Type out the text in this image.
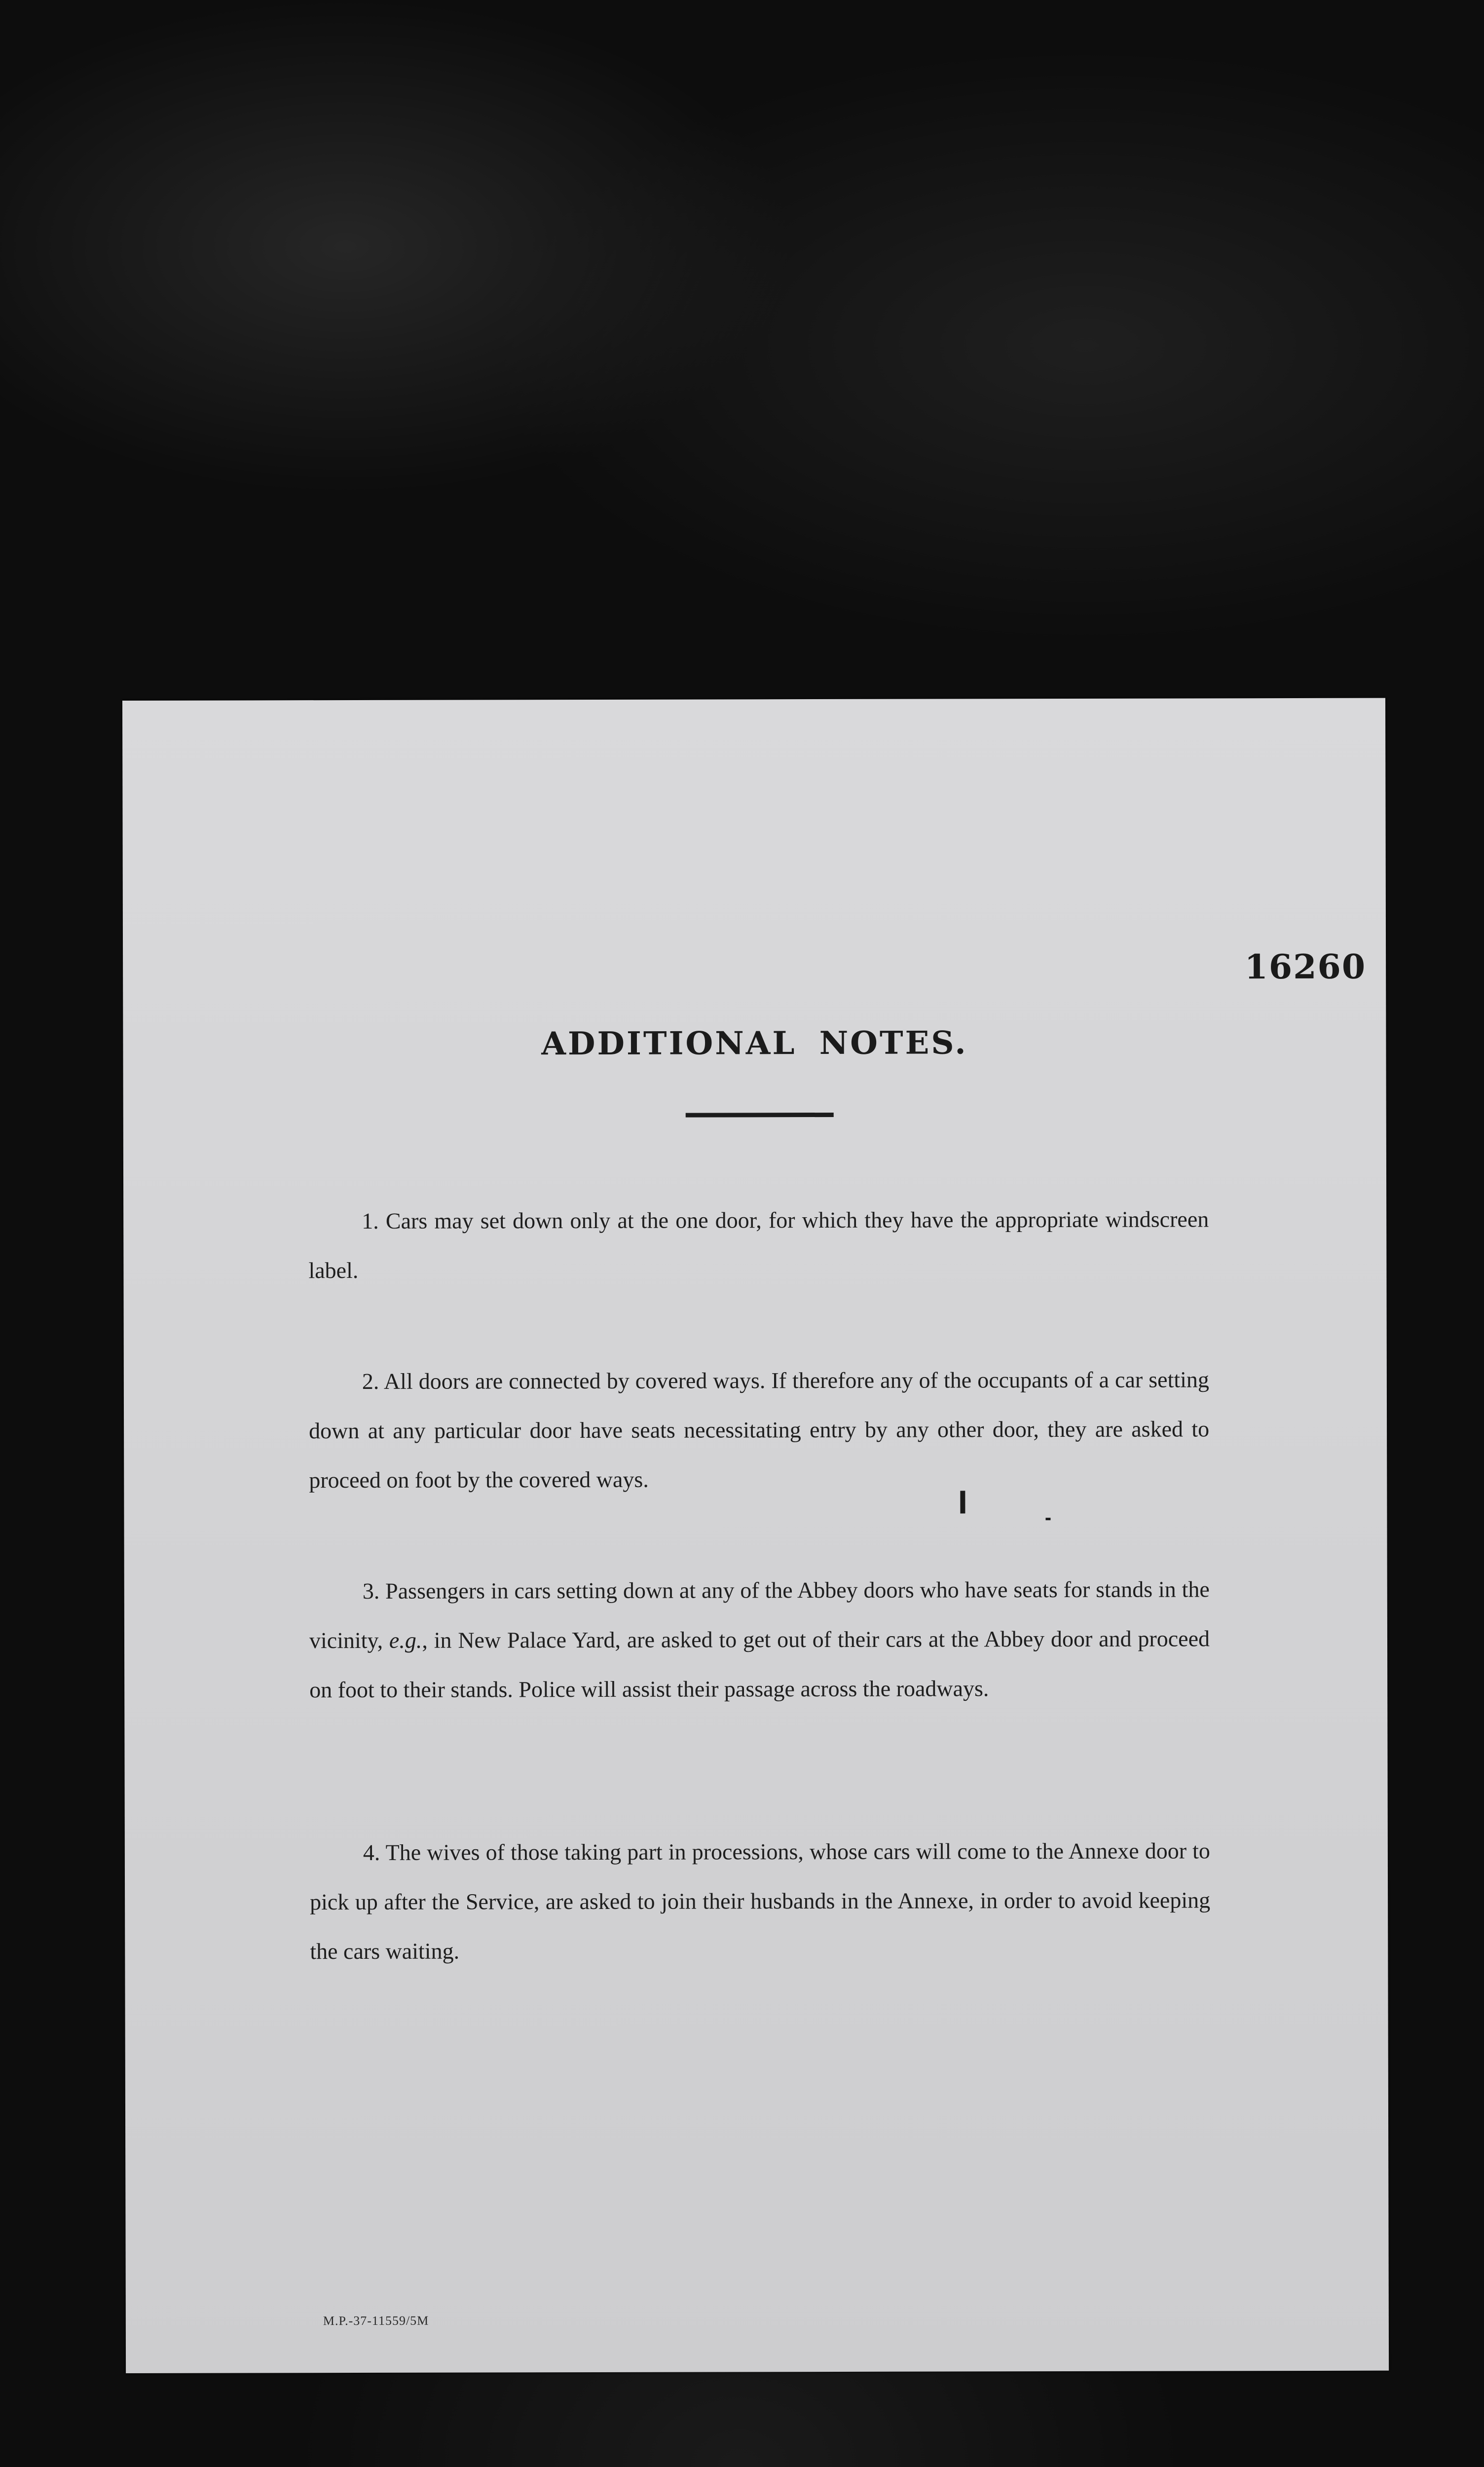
16260
ADDITIONAL NOTES.

1. Cars may set down only at the one door, for which they have the appropriate windscreen label.

2. All doors are connected by covered ways. If therefore any of the occupants of a car setting down at any particular door have seats necessitating entry by any other door, they are asked to proceed on foot by the covered ways.

3. Passengers in cars setting down at any of the Abbey doors who have seats for stands in the vicinity, e.g., in New Palace Yard, are asked to get out of their cars at the Abbey door and proceed on foot to their stands. Police will assist their passage across the roadways.

4. The wives of those taking part in processions, whose cars will come to the Annexe door to pick up after the Service, are asked to join their husbands in the Annexe, in order to avoid keeping the cars waiting.

M.P.-37-11559/5M
